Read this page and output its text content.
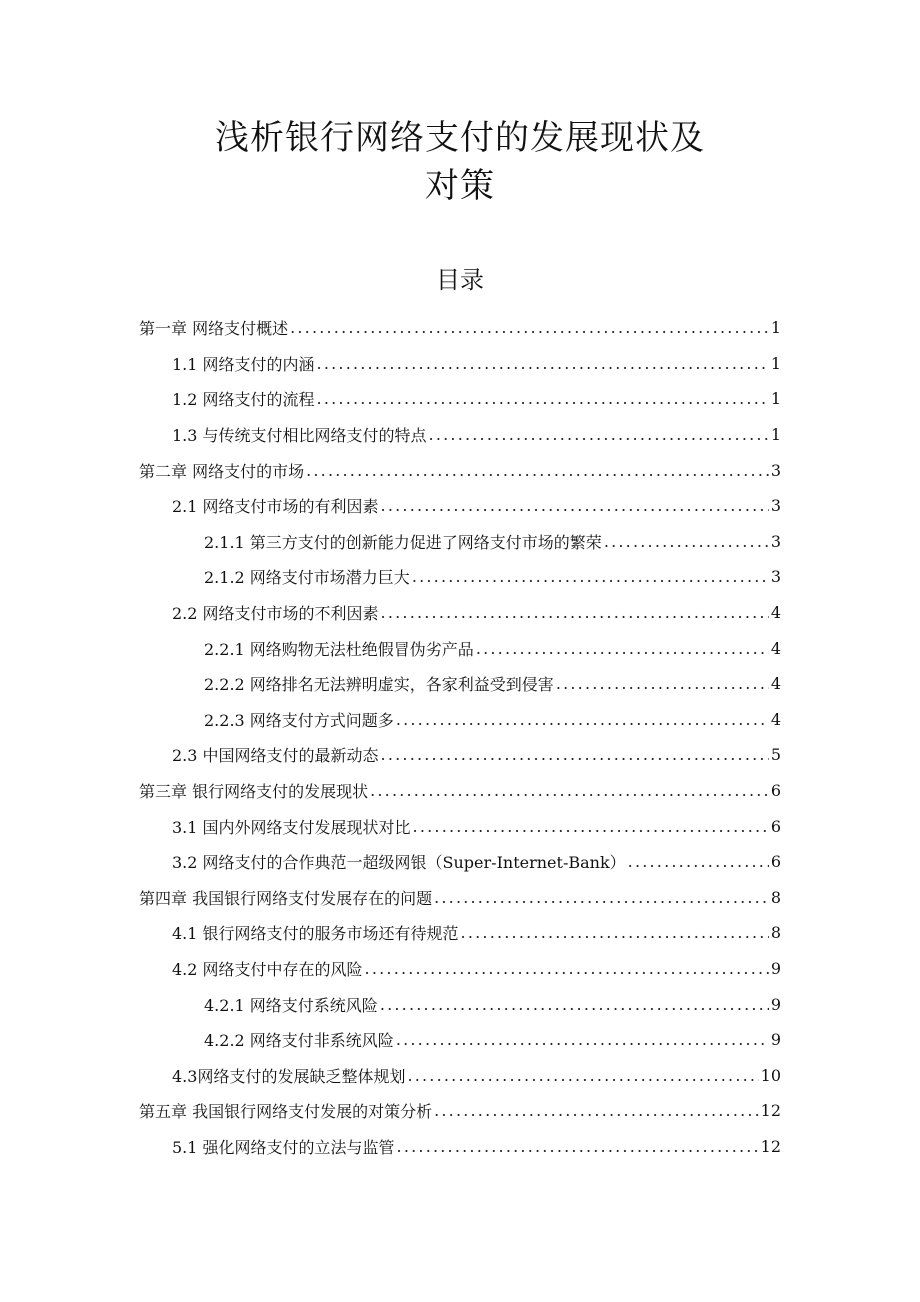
浅析银行网络支付的发展现状及
对策
目录
第一章 网络支付概述 .....	1
1.1 网络支付的内涵 .....	1
1.2 网络支付的流程 .....	1
1.3 与传统支付相比网络支付的特点 .....	1
第二章 网络支付的市场 .....	3
2.1 网络支付市场的有利因素 .....	3
2.1.1 第三方支付的创新能力促进了网络支付市场的繁荣 .....	3
2.1.2 网络支付市场潜力巨大 .....	3
2.2 网络支付市场的不利因素 .....	4
2.2.1 网络购物无法杜绝假冒伪劣产品 .....	4
2.2.2 网络排名无法辨明虚实，各家利益受到侵害 .....	4
2.2.3 网络支付方式问题多 .....	4
2.3 中国网络支付的最新动态 .....	5
第三章 银行网络支付的发展现状 .....	6
3.1 国内外网络支付发展现状对比 .....	6
3.2 网络支付的合作典范一超级网银（Super-Internet-Bank） .....	6
第四章 我国银行网络支付发展存在的问题 .....	8
4.1 银行网络支付的服务市场还有待规范 .....	8
4.2 网络支付中存在的风险 .....	9
4.2.1 网络支付系统风险 .....	9
4.2.2 网络支付非系统风险 .....	9
4.3网络支付的发展缺乏整体规划 .....	10
第五章 我国银行网络支付发展的对策分析 .....	12
5.1 强化网络支付的立法与监管 .....	12
